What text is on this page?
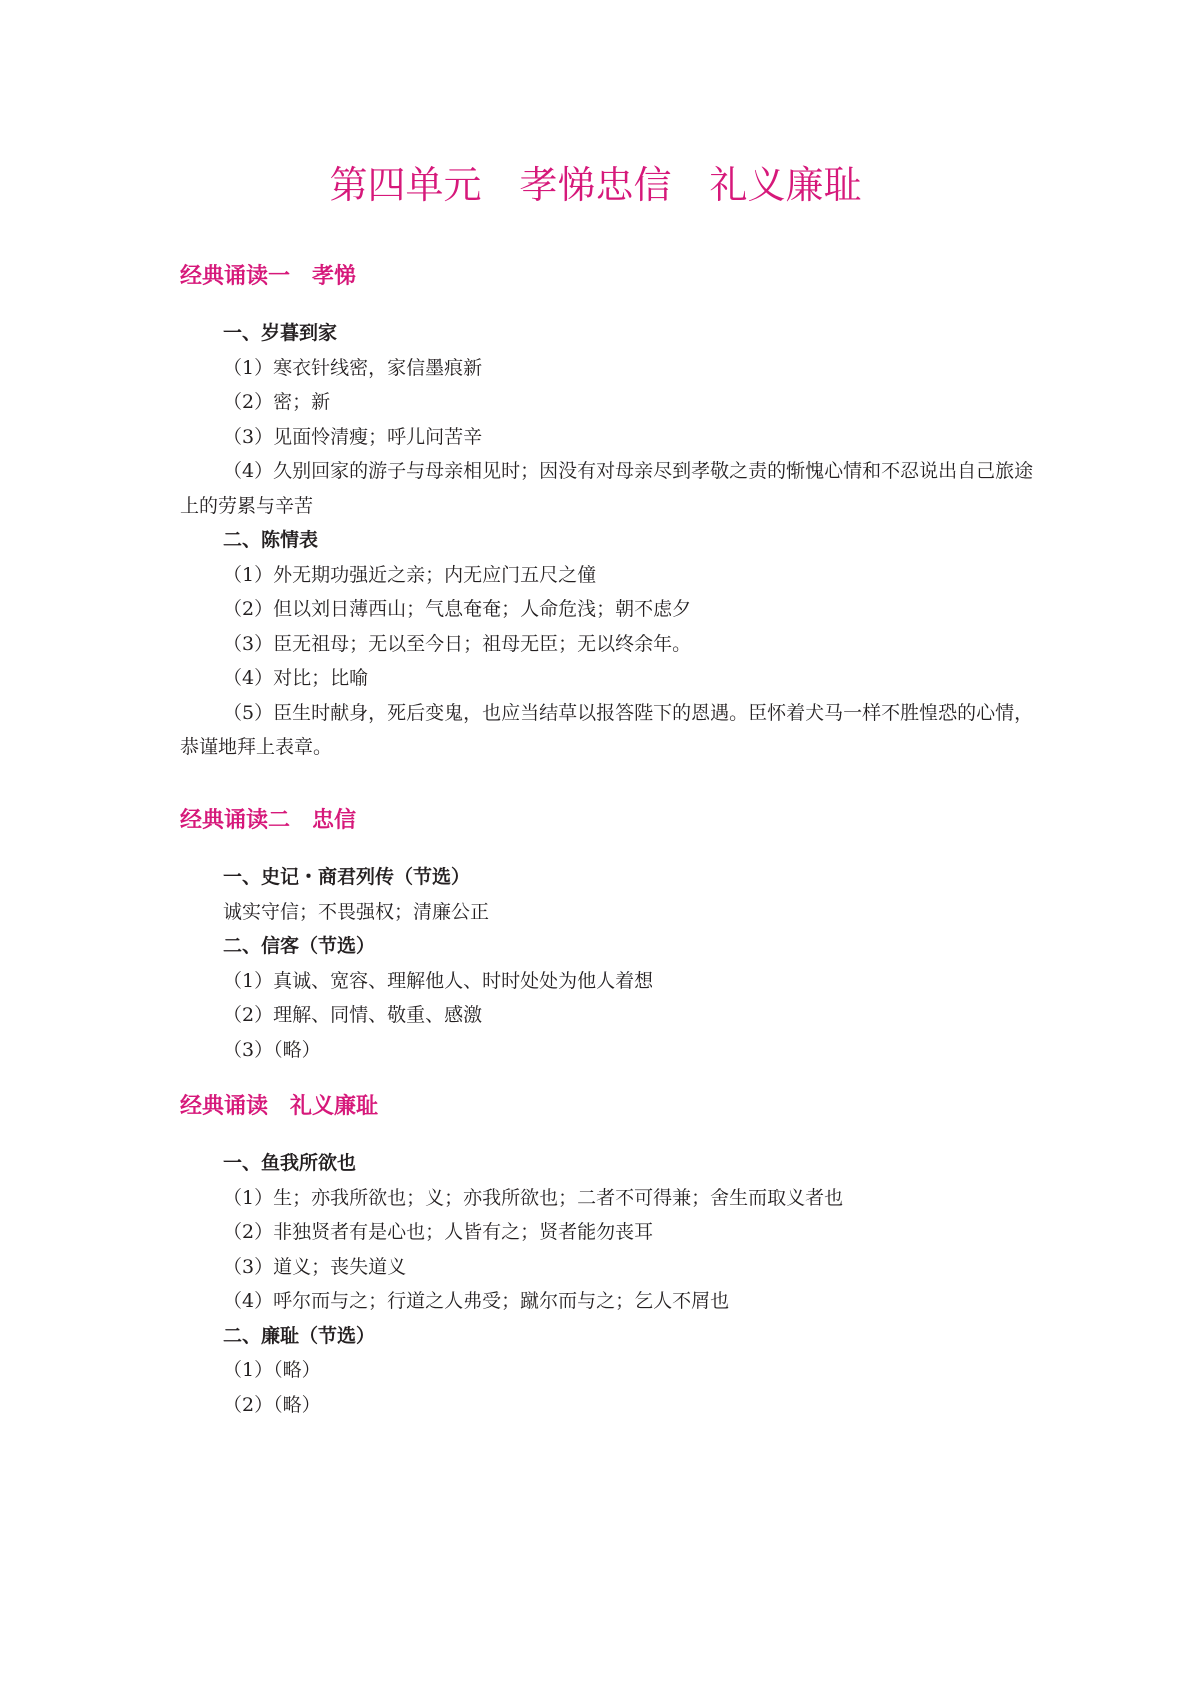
第四单元　孝悌忠信　礼义廉耻
经典诵读一　孝悌
一、岁暮到家

（1）寒衣针线密，家信墨痕新

（2）密；新

（3）见面怜清瘦；呼儿问苦辛

（4）久别回家的游子与母亲相见时；因没有对母亲尽到孝敬之责的惭愧心情和不忍说出自己旅途上的劳累与辛苦

二、陈情表

（1）外无期功强近之亲；内无应门五尺之僮

（2）但以刘日薄西山；气息奄奄；人命危浅；朝不虑夕

（3）臣无祖母；无以至今日；祖母无臣；无以终余年。

（4）对比；比喻

（5）臣生时献身，死后变鬼，也应当结草以报答陛下的恩遇。臣怀着犬马一样不胜惶恐的心情，恭谨地拜上表章。

经典诵读二　忠信
一、史记・商君列传（节选）

诚实守信；不畏强权；清廉公正

二、信客（节选）

（1）真诚、宽容、理解他人、时时处处为他人着想

（2）理解、同情、敬重、感激

（3）（略）

经典诵读　礼义廉耻
一、鱼我所欲也

（1）生；亦我所欲也；义；亦我所欲也；二者不可得兼；舍生而取义者也

（2）非独贤者有是心也；人皆有之；贤者能勿丧耳

（3）道义；丧失道义

（4）呼尔而与之；行道之人弗受；蹴尔而与之；乞人不屑也

二、廉耻（节选）

（1）（略）

（2）（略）
